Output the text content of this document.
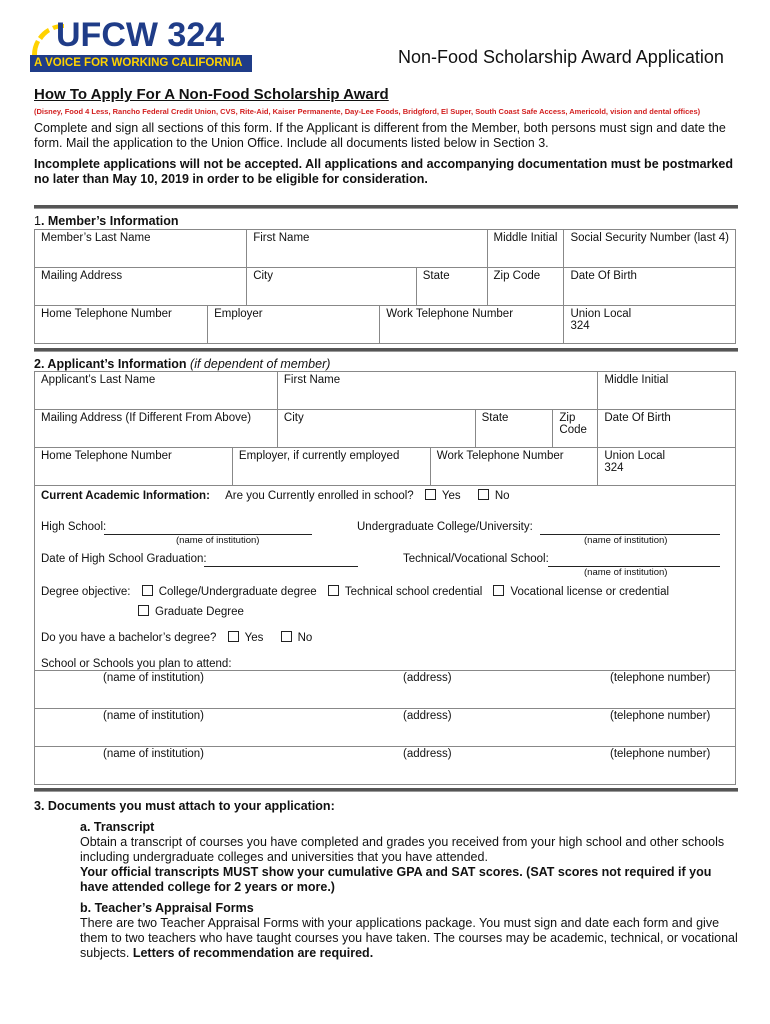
UFCW 324
A VOICE FOR WORKING CALIFORNIA	Non-Food Scholarship Award Application
How To Apply For A Non-Food Scholarship Award
(Disney, Food 4 Less, Rancho Federal Credit Union, CVS, Rite-Aid, Kaiser Permanente, Day-Lee Foods, Bridgford, El Super, South Coast Safe Access, Americold, vision and dental offices)
Complete and sign all sections of this form. If the Applicant is different from the Member, both persons must sign and date the form. Mail the application to the Union Office. Include all documents listed below in Section 3.
Incomplete applications will not be accepted. All applications and accompanying documentation must be postmarked no later than May 10, 2019 in order to be eligible for consideration.
1. Member’s Information
Member’s Last Name		First Name			Middle Initial	Social Security Number (last 4)
Mailing Address		City		State	Zip Code	Date Of Birth
Home Telephone Number	Employer		Work Telephone Number			Union Local
324
2. Applicant’s Information (if dependent of member)
Applicant’s Last Name		First Name				Middle Initial
Mailing Address (If Different From Above)		City		State	Zip Code	Date Of Birth
Home Telephone Number	Employer, if currently employed		Work Telephone Number			Union Local
324
Current Academic Information: Are you Currently enrolled in school? Yes	No
High School:
(name of institution)
Undergraduate College/University:
(name of institution)
Date of High School Graduation:	Technical/Vocational School:
(name of institution)
Degree objective: College/Undergraduate degree Technical school credential Vocational license or credential
Graduate Degree
Do you have a bachelor’s degree? Yes	No
School or Schools you plan to attend:
(name of institution)	(address)	(telephone number)
(name of institution)	(address)	(telephone number)
(name of institution)	(address)	(telephone number)
3. Documents you must attach to your application:
a. Transcript
Obtain a transcript of courses you have completed and grades you received from your high school and other schools including undergraduate colleges and universities that you have attended.
Your official transcripts MUST show your cumulative GPA and SAT scores. (SAT scores not required if you have attended college for 2 years or more.)
b. Teacher’s Appraisal Forms
There are two Teacher Appraisal Forms with your applications package. You must sign and date each form and give them to two teachers who have taught courses you have taken. The courses may be academic, technical, or vocational subjects. Letters of recommendation are required.
